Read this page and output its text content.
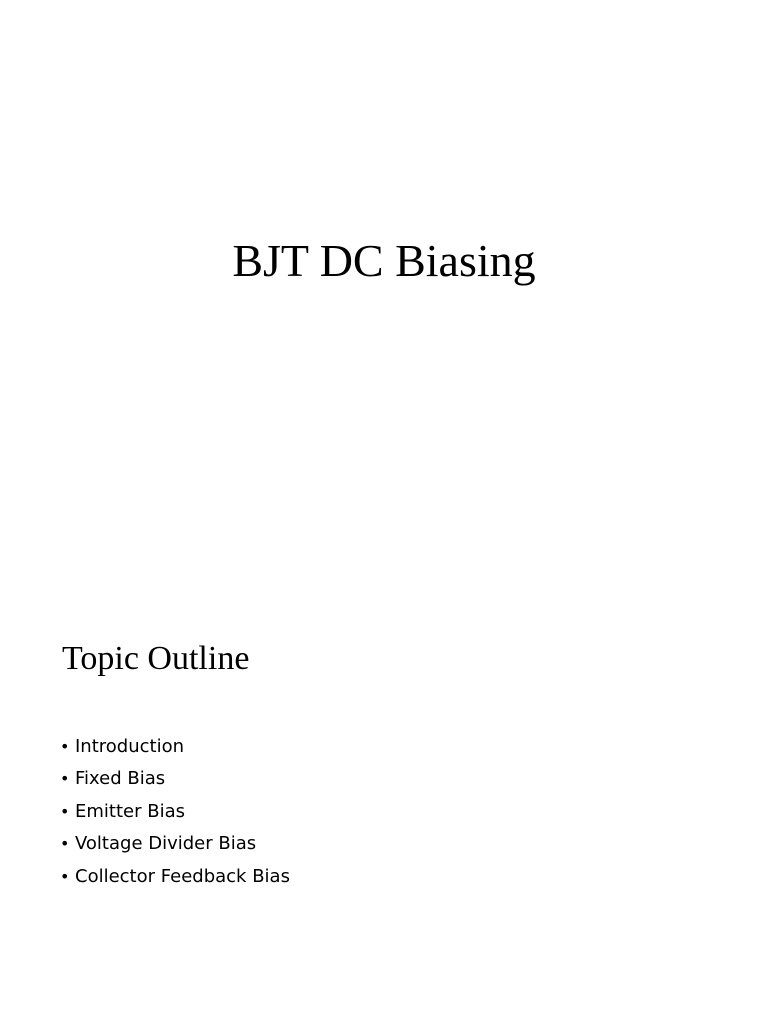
BJT DC Biasing
Topic Outline
• Introduction
• Fixed Bias
• Emitter Bias
• Voltage Divider Bias
• Collector Feedback Bias
